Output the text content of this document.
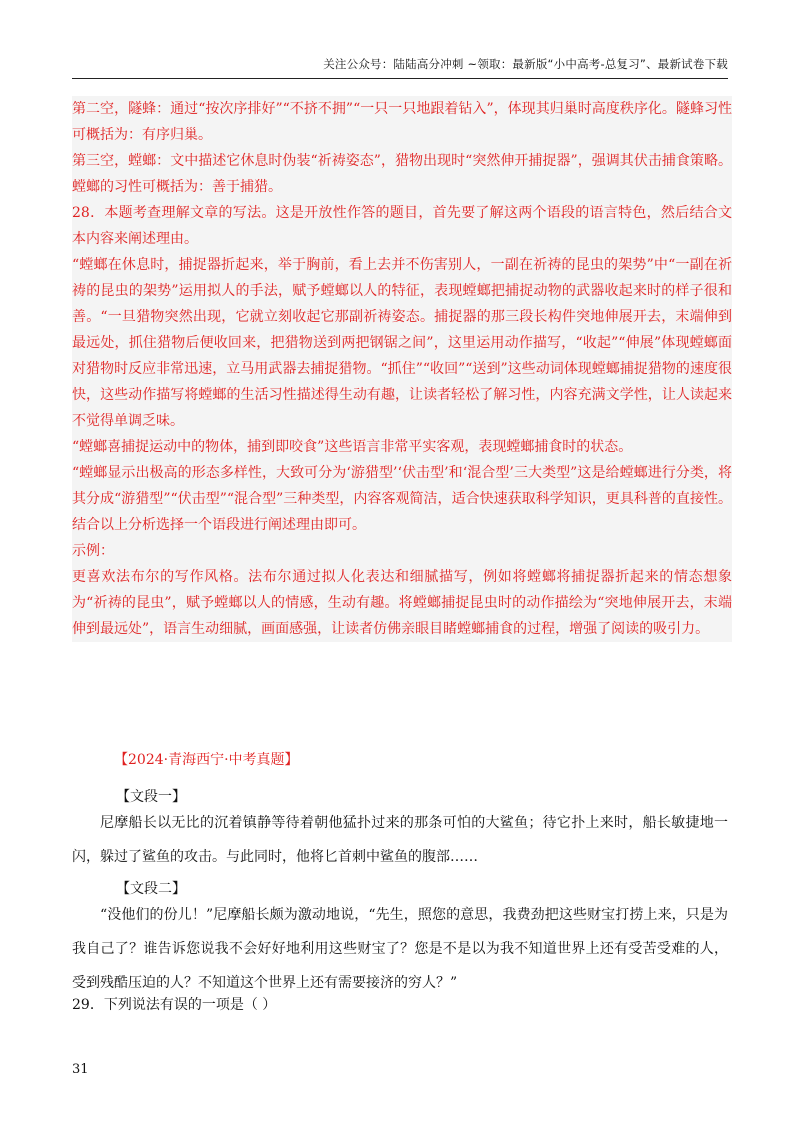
关注公众号：陆陆高分冲刺 ~领取：最新版“小中高考-总复习”、最新试卷下载

第二空，隧蜂：通过“按次序排好”“不挤不拥”“一只一只地跟着钻入”，体现其归巢时高度秩序化。隧蜂习性可概括为：有序归巢。

第三空，螳螂：文中描述它休息时伪装“祈祷姿态”，猎物出现时“突然伸开捕捉器”，强调其伏击捕食策略。螳螂的习性可概括为：善于捕猎。

28．本题考查理解文章的写法。这是开放性作答的题目，首先要了解这两个语段的语言特色，然后结合文本内容来阐述理由。

“螳螂在休息时，捕捉器折起来，举于胸前，看上去并不伤害别人，一副在祈祷的昆虫的架势”中“一副在祈祷的昆虫的架势”运用拟人的手法，赋予螳螂以人的特征，表现螳螂把捕捉动物的武器收起来时的样子很和善。“一旦猎物突然出现，它就立刻收起它那副祈祷姿态。捕捉器的那三段长构件突地伸展开去，末端伸到最远处，抓住猎物后便收回来，把猎物送到两把钢锯之间”，这里运用动作描写，“收起”“伸展”体现螳螂面对猎物时反应非常迅速，立马用武器去捕捉猎物。“抓住”“收回”“送到”这些动词体现螳螂捕捉猎物的速度很快，这些动作描写将螳螂的生活习性描述得生动有趣，让读者轻松了解习性，内容充满文学性，让人读起来不觉得单调乏味。

“螳螂喜捕捉运动中的物体，捕到即咬食”这些语言非常平实客观，表现螳螂捕食时的状态。

“螳螂显示出极高的形态多样性，大致可分为‘游猎型’‘伏击型’和‘混合型’三大类型”这是给螳螂进行分类，将其分成“游猎型”“伏击型”“混合型”三种类型，内容客观简洁，适合快速获取科学知识，更具科普的直接性。结合以上分析选择一个语段进行阐述理由即可。

示例：

更喜欢法布尔的写作风格。法布尔通过拟人化表达和细腻描写，例如将螳螂将捕捉器折起来的情态想象为“祈祷的昆虫”，赋予螳螂以人的情感，生动有趣。将螳螂捕捉昆虫时的动作描绘为“突地伸展开去，末端伸到最远处”，语言生动细腻，画面感强，让读者仿佛亲眼目睹螳螂捕食的过程，增强了阅读的吸引力。

【2024·青海西宁·中考真题】
【文段一】

尼摩船长以无比的沉着镇静等待着朝他猛扑过来的那条可怕的大鲨鱼；待它扑上来时，船长敏捷地一闪，躲过了鲨鱼的攻击。与此同时，他将匕首刺中鲨鱼的腹部……

【文段二】

“没他们的份儿！”尼摩船长颇为激动地说，“先生，照您的意思，我费劲把这些财宝打捞上来，只是为我自己了？谁告诉您说我不会好好地利用这些财宝了？您是不是以为我不知道世界上还有受苦受难的人，受到残酷压迫的人？不知道这个世界上还有需要接济的穷人？”

29．下列说法有误的一项是（ ）
31
